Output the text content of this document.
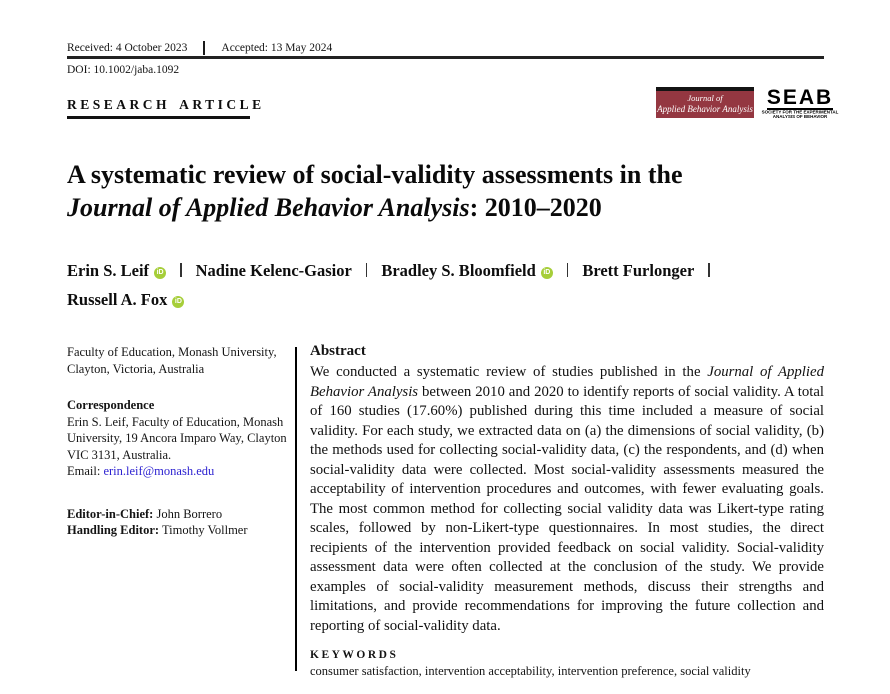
Received: 4 October 2023	Accepted: 13 May 2024
DOI: 10.1002/jaba.1092
RESEARCH ARTICLE	Journal of
Applied Behavior Analysis SEAB
SOCIETY FOR THE EXPERIMENTAL
ANALYSIS OF BEHAVIOR
A systematic review of social-validity assessments in the
Journal of Applied Behavior Analysis: 2010–2020
Erin S. Leif iD Nadine Kelenc-Gasior Bradley S. Bloomfield iD Brett Furlonger
Russell A. Fox iD
Faculty of Education, Monash University, Clayton, Victoria, Australia
Correspondence
Erin S. Leif, Faculty of Education, Monash University, 19 Ancora Imparo Way, Clayton VIC 3131, Australia.
Email: erin.leif@monash.edu
Editor-in-Chief: John Borrero
Handling Editor: Timothy Vollmer
Abstract
We conducted a systematic review of studies published in the Journal of Applied Behavior Analysis between 2010 and 2020 to identify reports of social validity. A total of 160 studies (17.60%) published during this time included a measure of social validity. For each study, we extracted data on (a) the dimensions of social validity, (b) the methods used for collecting social-validity data, (c) the respondents, and (d) when social-validity data were collected. Most social-validity assessments measured the acceptability of intervention procedures and outcomes, with fewer evaluating goals. The most common method for collecting social validity data was Likert-type rating scales, followed by non-Likert-type questionnaires. In most studies, the direct recipients of the intervention provided feedback on social validity. Social-validity assessment data were often collected at the conclusion of the study. We provide examples of social-validity measurement methods, discuss their strengths and limitations, and provide recommendations for improving the future collection and reporting of social-validity data.
KEYWORDS
consumer satisfaction, intervention acceptability, intervention preference, social validity
